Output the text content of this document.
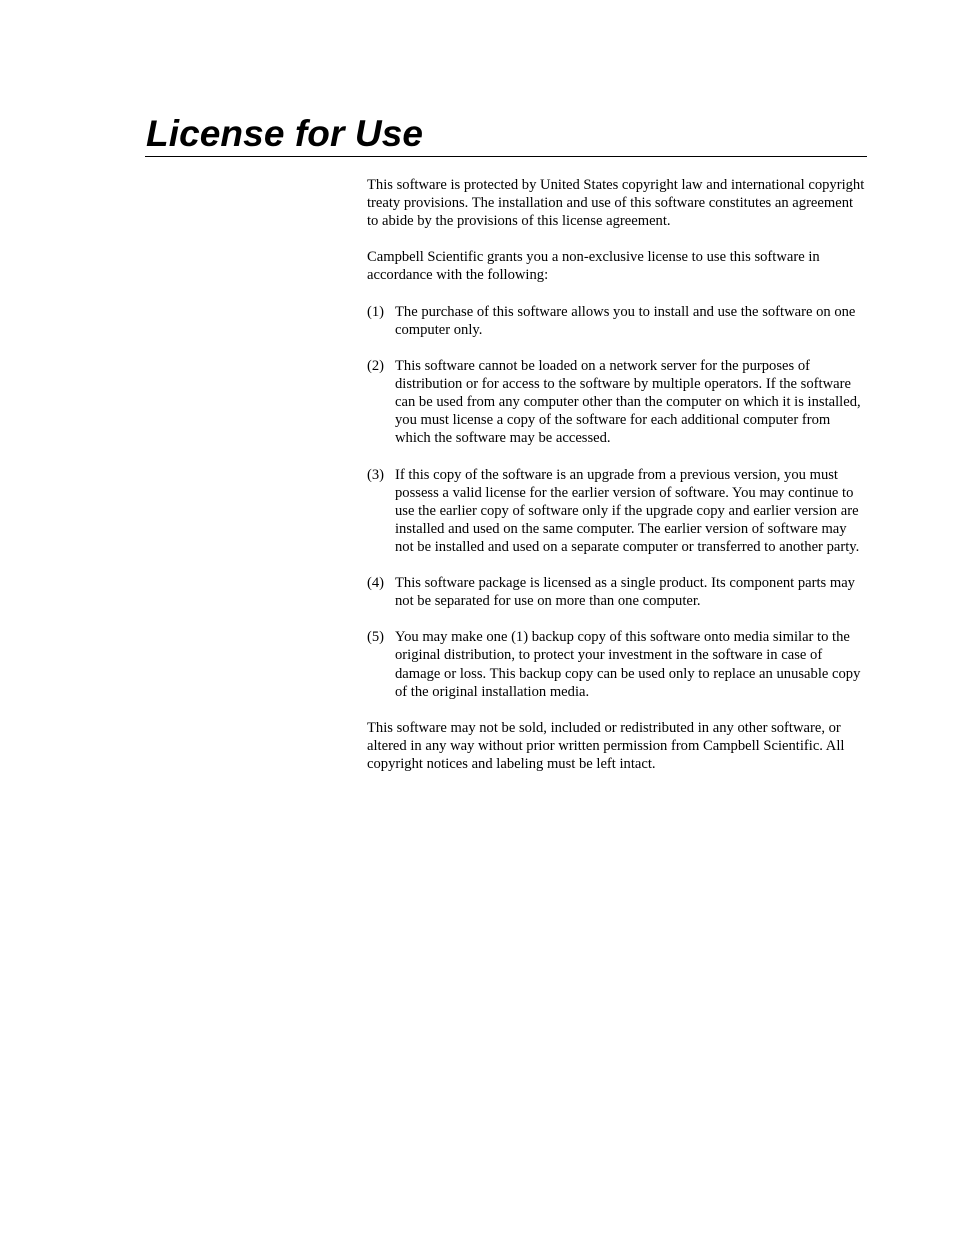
License for Use

This software is protected by United States copyright law and international copyright treaty provisions. The installation and use of this software constitutes an agreement to abide by the provisions of this license agreement.

Campbell Scientific grants you a non-exclusive license to use this software in accordance with the following:

(1) The purchase of this software allows you to install and use the software on one computer only.
(2) This software cannot be loaded on a network server for the purposes of distribution or for access to the software by multiple operators. If the software can be used from any computer other than the computer on which it is installed, you must license a copy of the software for each additional computer from which the software may be accessed.
(3) If this copy of the software is an upgrade from a previous version, you must possess a valid license for the earlier version of software. You may continue to use the earlier copy of software only if the upgrade copy and earlier version are installed and used on the same computer. The earlier version of software may not be installed and used on a separate computer or transferred to another party.
(4) This software package is licensed as a single product. Its component parts may not be separated for use on more than one computer.
(5) You may make one (1) backup copy of this software onto media similar to the original distribution, to protect your investment in the software in case of damage or loss. This backup copy can be used only to replace an unusable copy of the original installation media.

This software may not be sold, included or redistributed in any other software, or altered in any way without prior written permission from Campbell Scientific. All copyright notices and labeling must be left intact.
